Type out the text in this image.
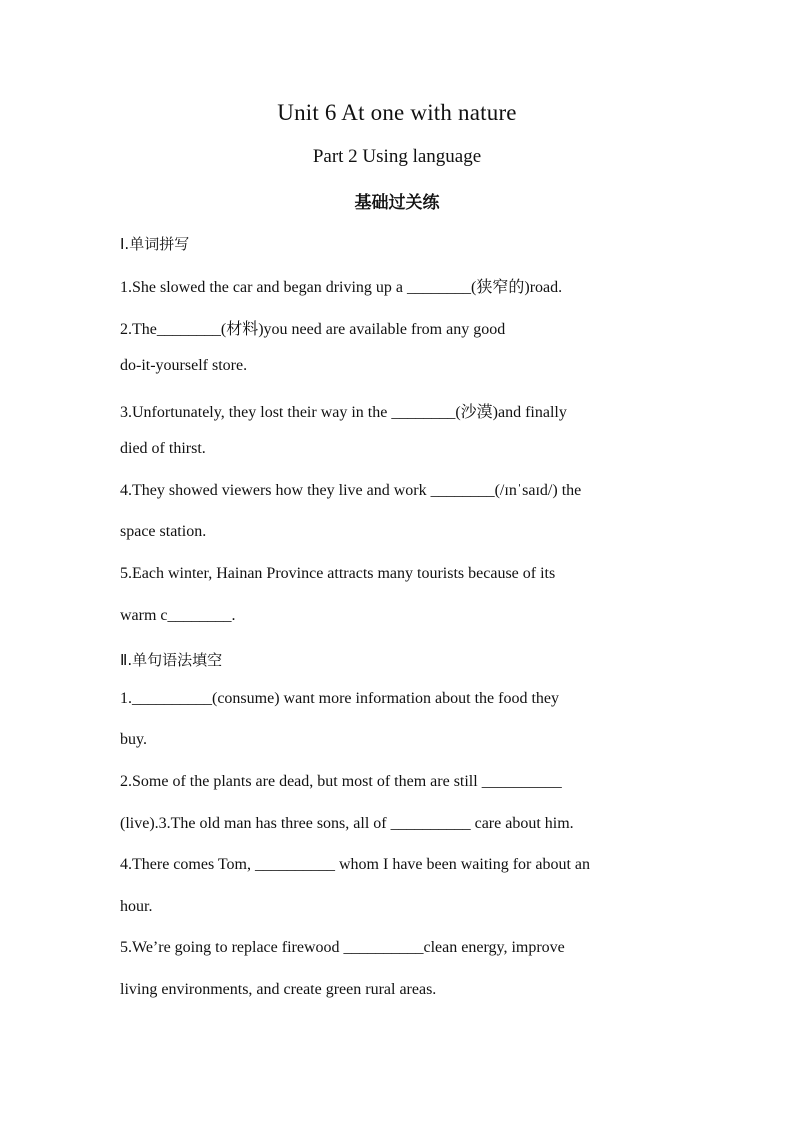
Unit 6 At one with nature
Part 2 Using language
基础过关练
Ⅰ.单词拼写
1.She slowed the car and began driving up a ________(狭窄的)road.
2.The________(材料)you need are available from any good
do-it-yourself store.
3.Unfortunately, they lost their way in the ________(沙漠)and finally
died of thirst.
4.They showed viewers how they live and work ________(/ɪnˈsaɪd/) the
space station.
5.Each winter, Hainan Province attracts many tourists because of its
warm c________.
Ⅱ.单句语法填空
1.__________(consume) want more information about the food they
buy.
2.Some of the plants are dead, but most of them are still __________
(live).3.The old man has three sons, all of __________ care about him.
4.There comes Tom, __________ whom I have been waiting for about an
hour.
5.We’re going to replace firewood __________clean energy, improve
living environments, and create green rural areas.
